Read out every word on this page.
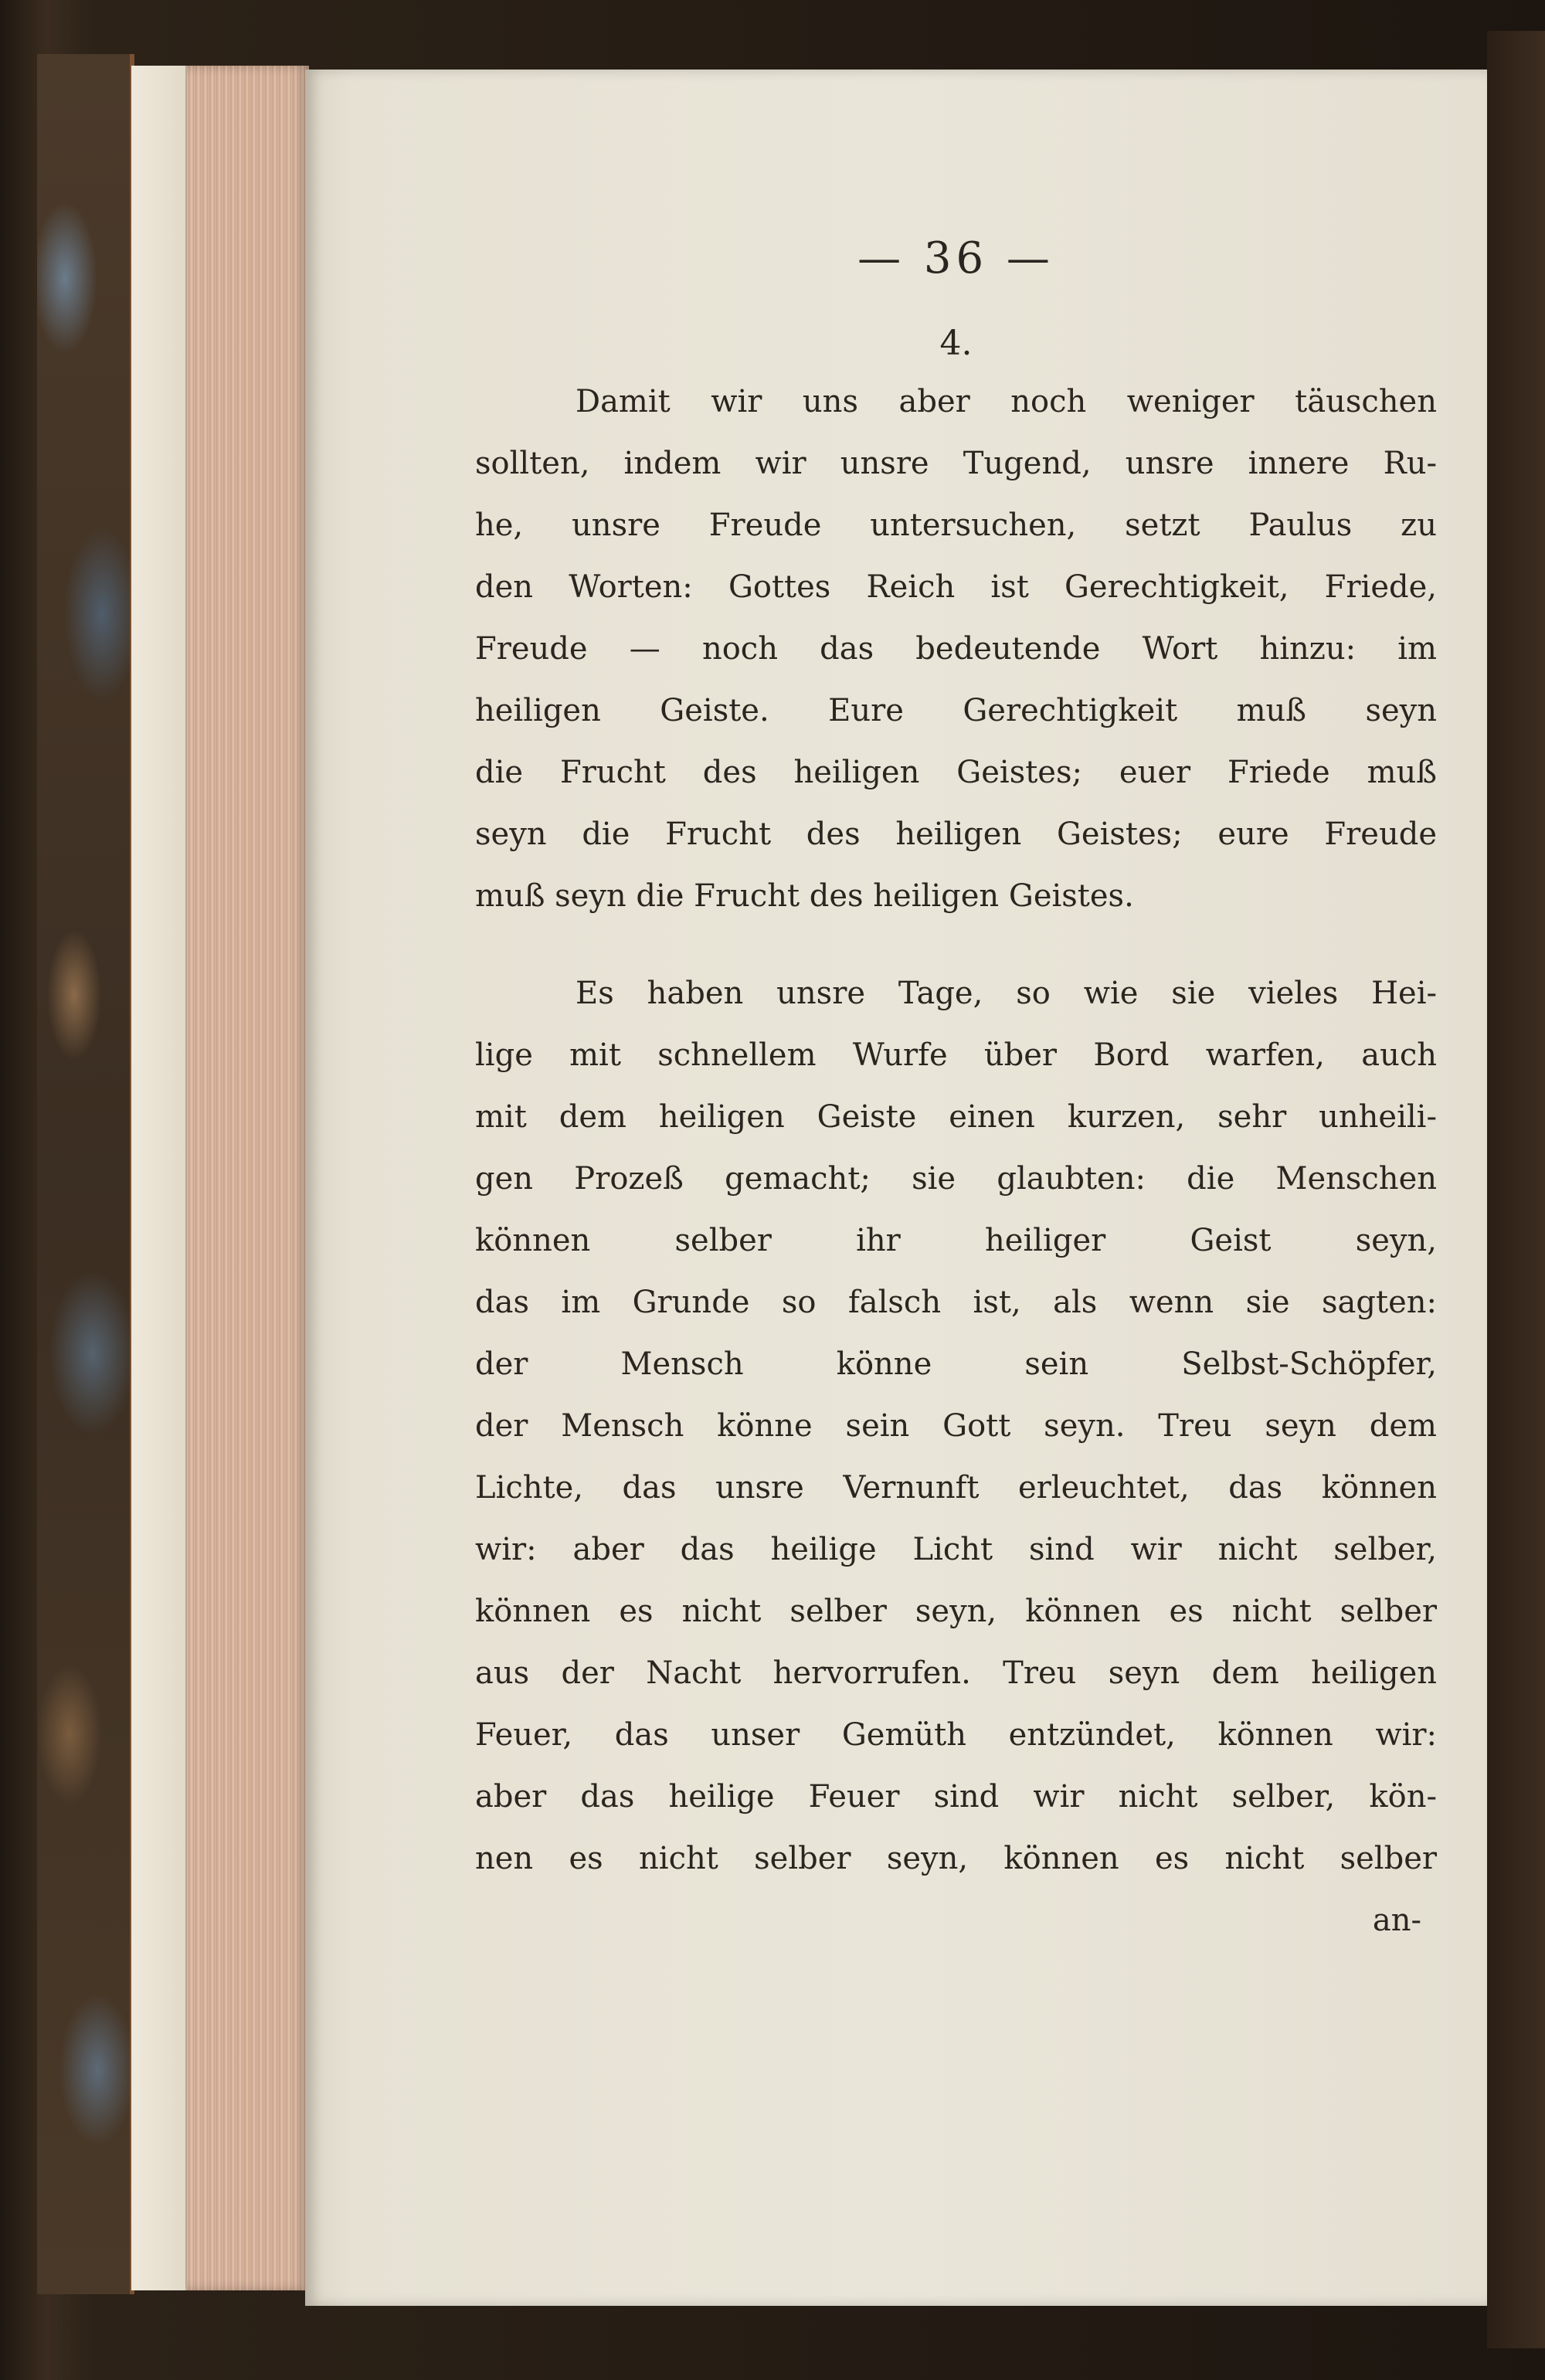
— 36 —
4.
Damit wir uns aber noch weniger täuschen
sollten, indem wir unsre Tugend, unsre innere Ru-
he, unsre Freude untersuchen, setzt Paulus zu
den Worten: Gottes Reich ist Gerechtigkeit, Friede,
Freude — noch das bedeutende Wort hinzu: im
heiligen Geiste. Eure Gerechtigkeit muß seyn
die Frucht des heiligen Geistes; euer Friede muß
seyn die Frucht des heiligen Geistes; eure Freude
muß seyn die Frucht des heiligen Geistes.
Es haben unsre Tage, so wie sie vieles Hei-
lige mit schnellem Wurfe über Bord warfen, auch
mit dem heiligen Geiste einen kurzen, sehr unheili-
gen Prozeß gemacht; sie glaubten: die Menschen
können selber ihr heiliger Geist seyn,
das im Grunde so falsch ist, als wenn sie sagten:
der Mensch könne sein Selbst-Schöpfer,
der Mensch könne sein Gott seyn. Treu seyn dem
Lichte, das unsre Vernunft erleuchtet, das können
wir: aber das heilige Licht sind wir nicht selber,
können es nicht selber seyn, können es nicht selber
aus der Nacht hervorrufen. Treu seyn dem heiligen
Feuer, das unser Gemüth entzündet, können wir:
aber das heilige Feuer sind wir nicht selber, kön-
nen es nicht selber seyn, können es nicht selber
an-
